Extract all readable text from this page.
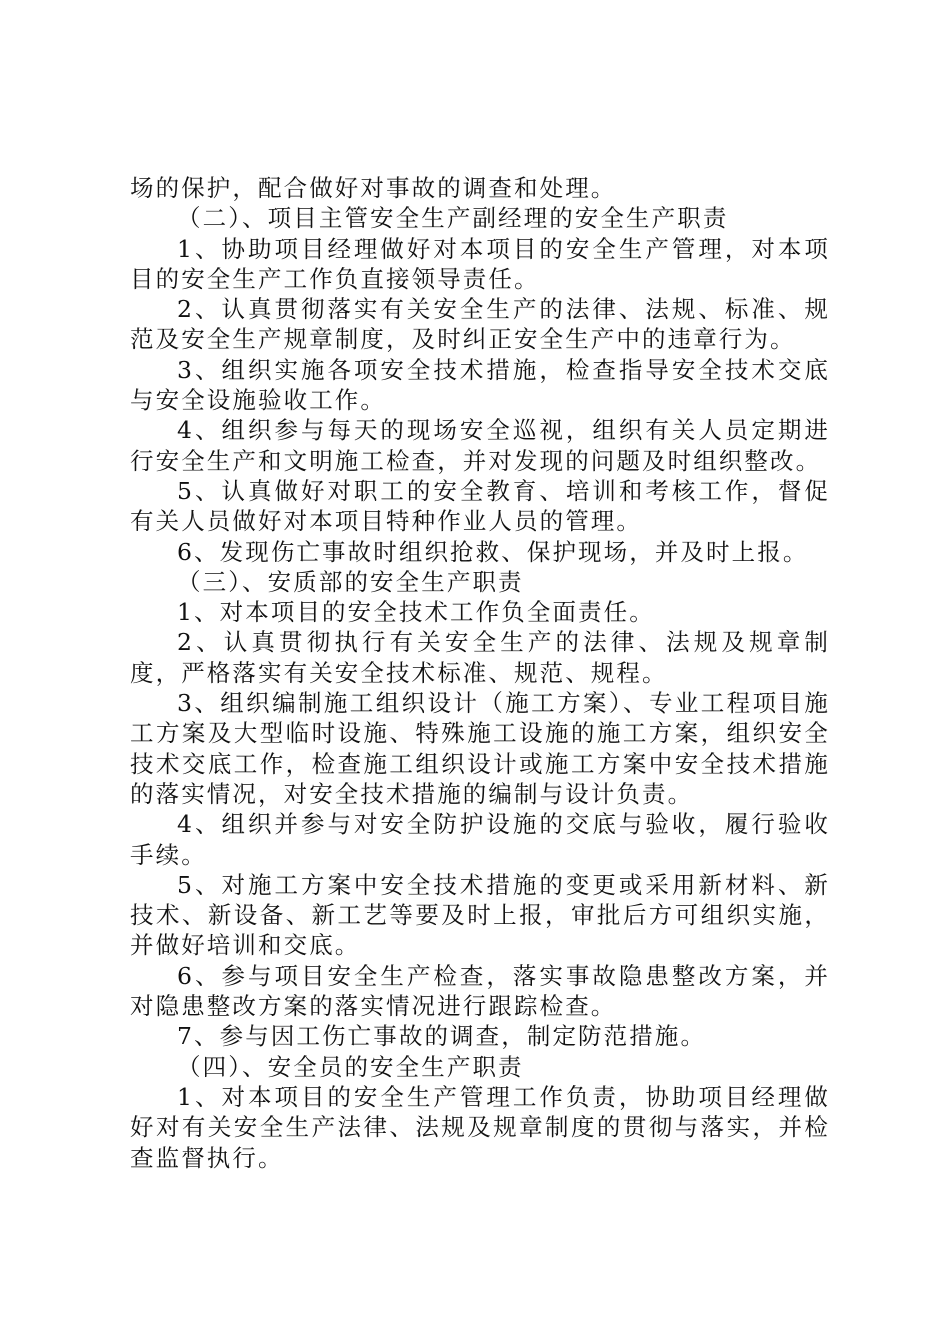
场的保护，配合做好对事故的调查和处理。

（二）、项目主管安全生产副经理的安全生产职责

1、协助项目经理做好对本项目的安全生产管理，对本项目的安全生产工作负直接领导责任。

2、认真贯彻落实有关安全生产的法律、法规、标准、规范及安全生产规章制度，及时纠正安全生产中的违章行为。

3、组织实施各项安全技术措施，检查指导安全技术交底与安全设施验收工作。

4、组织参与每天的现场安全巡视，组织有关人员定期进行安全生产和文明施工检查，并对发现的问题及时组织整改。

5、认真做好对职工的安全教育、培训和考核工作，督促有关人员做好对本项目特种作业人员的管理。

6、发现伤亡事故时组织抢救、保护现场，并及时上报。

（三）、安质部的安全生产职责

1、对本项目的安全技术工作负全面责任。

2、认真贯彻执行有关安全生产的法律、法规及规章制度，严格落实有关安全技术标准、规范、规程。

3、组织编制施工组织设计（施工方案）、专业工程项目施工方案及大型临时设施、特殊施工设施的施工方案，组织安全技术交底工作，检查施工组织设计或施工方案中安全技术措施的落实情况，对安全技术措施的编制与设计负责。

4、组织并参与对安全防护设施的交底与验收，履行验收手续。

5、对施工方案中安全技术措施的变更或采用新材料、新技术、新设备、新工艺等要及时上报，审批后方可组织实施，并做好培训和交底。

6、参与项目安全生产检查，落实事故隐患整改方案，并对隐患整改方案的落实情况进行跟踪检查。

7、参与因工伤亡事故的调查，制定防范措施。

（四）、安全员的安全生产职责

1、对本项目的安全生产管理工作负责，协助项目经理做好对有关安全生产法律、法规及规章制度的贯彻与落实，并检查监督执行。
